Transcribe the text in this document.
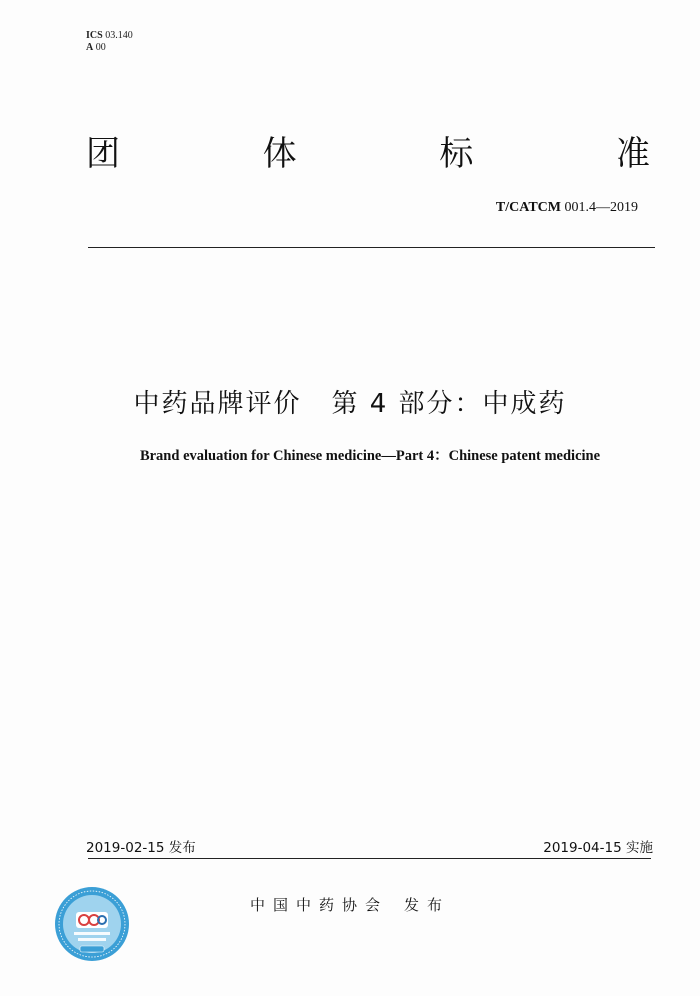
ICS 03.140
A 00
团	体	标	准
T/CATCM 001.4—2019
中药品牌评价 第 4 部分：中成药
Brand evaluation for Chinese medicine—Part 4：Chinese patent medicine
2019-02-15 发布	2019-04-15 实施
中国中药协会 发布
